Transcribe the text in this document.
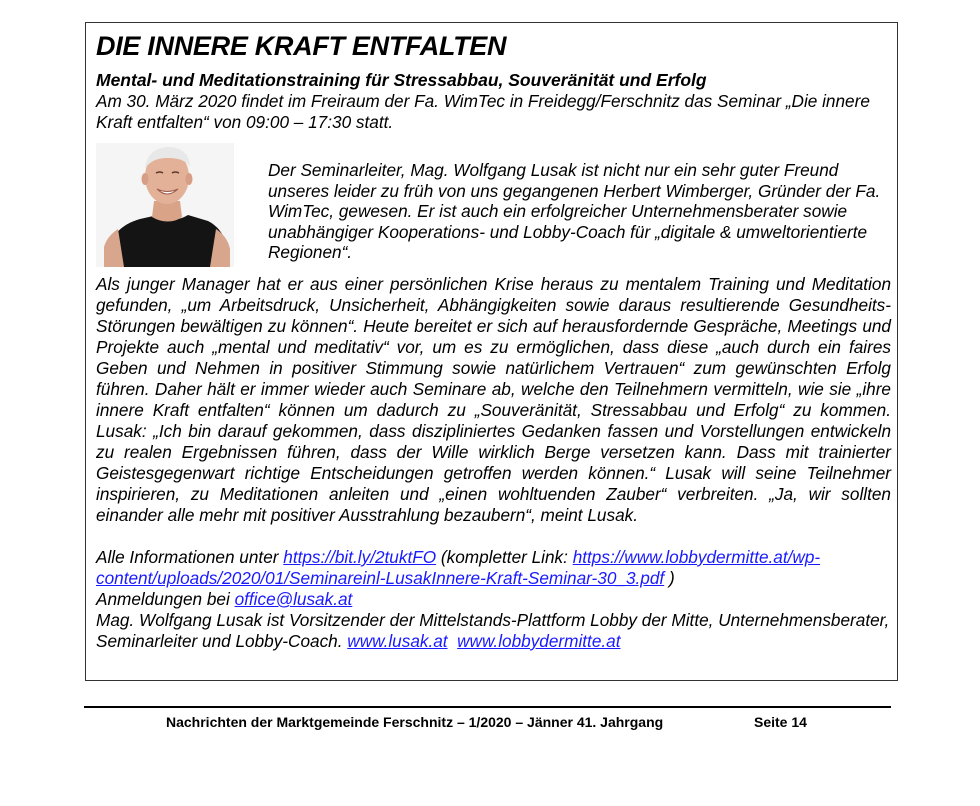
DIE INNERE KRAFT ENTFALTEN

Mental- und Meditationstraining für Stressabbau, Souveränität und Erfolg

Am 30. März 2020 findet im Freiraum der Fa. WimTec in Freidegg/Ferschnitz das Seminar „Die innere Kraft entfalten“ von 09:00 – 17:30 statt.

Der Seminarleiter, Mag. Wolfgang Lusak ist nicht nur ein sehr guter Freund unseres leider zu früh von uns gegangenen Herbert Wimberger, Gründer der Fa. WimTec, gewesen. Er ist auch ein erfolgreicher Unternehmensberater sowie unabhängiger Kooperations- und Lobby-Coach für „digitale & umweltorientierte Regionen“.

Als junger Manager hat er aus einer persönlichen Krise heraus zu mentalem Training und Meditation gefunden, „um Arbeitsdruck, Unsicherheit, Abhängigkeiten sowie daraus resultierende Gesundheits-Störungen bewältigen zu können“. Heute bereitet er sich auf herausfordernde Gespräche, Meetings und Projekte auch „mental und meditativ“ vor, um es zu ermöglichen, dass diese „auch durch ein faires Geben und Nehmen in positiver Stimmung sowie natürlichem Vertrauen“ zum gewünschten Erfolg führen. Daher hält er immer wieder auch Seminare ab, welche den Teilnehmern vermitteln, wie sie „ihre innere Kraft entfalten“ können um dadurch zu „Souveränität, Stressabbau und Erfolg“ zu kommen. Lusak: „Ich bin darauf gekommen, dass diszipliniertes Gedanken fassen und Vorstellungen entwickeln zu realen Ergebnissen führen, dass der Wille wirklich Berge versetzen kann. Dass mit trainierter Geistesgegenwart richtige Entscheidungen getroffen werden können.“ Lusak will seine Teilnehmer inspirieren, zu Meditationen anleiten und „einen wohltuenden Zauber“ verbreiten. „Ja, wir sollten einander alle mehr mit positiver Ausstrahlung bezaubern“, meint Lusak.

Alle Informationen unter https://bit.ly/2tuktFO (kompletter Link: https://www.lobbydermitte.at/wp-content/uploads/2020/01/Seminareinl-LusakInnere-Kraft-Seminar-30_3.pdf )
Anmeldungen bei office@lusak.at
Mag. Wolfgang Lusak ist Vorsitzender der Mittelstands-Plattform Lobby der Mitte, Unternehmensberater, Seminarleiter und Lobby-Coach. www.lusak.at www.lobbydermitte.at

Nachrichten der Marktgemeinde Ferschnitz – 1/2020 – Jänner 41. Jahrgang	Seite 14
